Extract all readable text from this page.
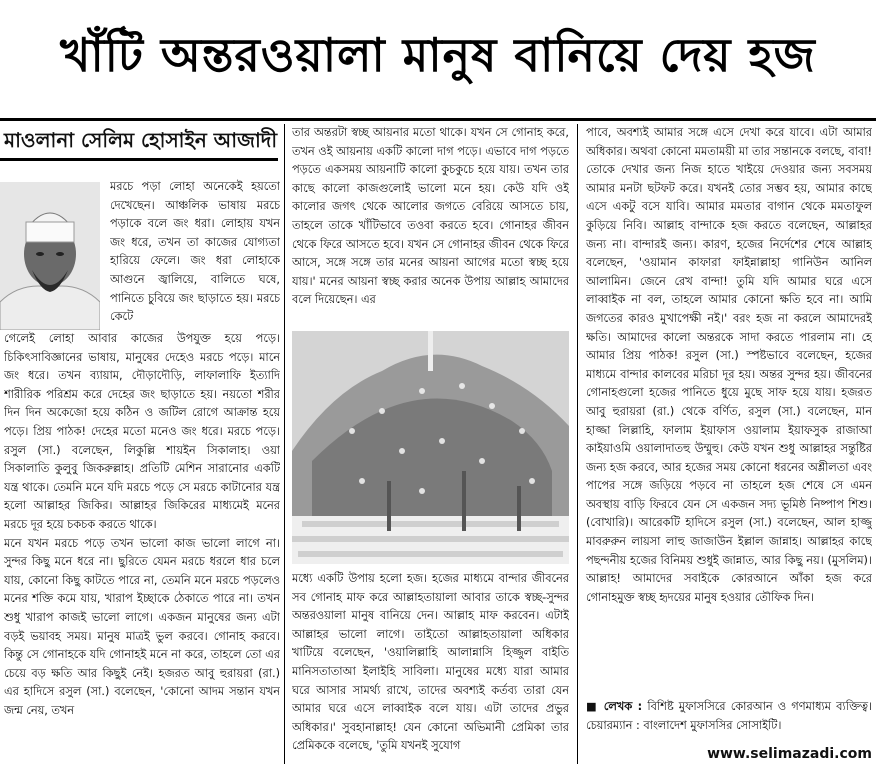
খাঁটি অন্তরওয়ালা মানুষ বানিয়ে দেয় হজ
মাওলানা সেলিম হোসাইন আজাদী

মরচে পড়া লোহা অনেকেই হয়তো দেখেছেন। আঞ্চলিক ভাষায় মরচে পড়াকে বলে জং ধরা। লোহায় যখন জং ধরে, তখন তা কাজের যোগ্যতা হারিয়ে ফেলে। জং ধরা লোহাকে আগুনে জ্বালিয়ে, বালিতে ঘষে, পানিতে চুবিয়ে জং ছাড়াতে হয়। মরচে কেটে

গেলেই লোহা আবার কাজের উপযুক্ত হয়ে পড়ে। চিকিৎসাবিজ্ঞানের ভাষায়, মানুষের দেহেও মরচে পড়ে। মানে জং ধরে। তখন ব্যায়াম, দৌড়াদৌড়ি, লাফালাফি ইত্যাদি শারীরিক পরিশ্রম করে দেহের জং ছাড়াতে হয়। নয়তো শরীর দিন দিন অকেজো হয়ে কঠিন ও জটিল রোগে আক্রান্ত হয়ে পড়ে। প্রিয় পাঠক! দেহের মতো মনেও জং ধরে। মরচে পড়ে। রসুল (সা.) বলেছেন, লিকুল্লি শায়ইন সিকালাহ। ওয়া সিকালাতি কুলুবু জিকরুল্লাহ। প্রতিটি মেশিন সারানোর একটি যন্ত্র থাকে। তেমনি মনে যদি মরচে পড়ে সে মরচে কাটানোর যন্ত্র হলো আল্লাহর জিকির। আল্লাহর জিকিরের মাধ্যমেই মনের মরচে দূর হয়ে চকচক করতে থাকে।

মনে যখন মরচে পড়ে তখন ভালো কাজ ভালো লাগে না। সুন্দর কিছু মনে ধরে না। ছুরিতে যেমন মরচে ধরলে ধার চলে যায়, কোনো কিছু কাটতে পারে না, তেমনি মনে মরচে পড়লেও মনের শক্তি কমে যায়, খারাপ ইচ্ছাকে ঠেকাতে পারে না। তখন শুধু খারাপ কাজই ভালো লাগে। একজন মানুষের জন্য এটা বড়ই ভয়াবহ সময়। মানুষ মাত্রই ভুল করবে। গোনাহ করবে। কিন্তু সে গোনাহকে যদি গোনাহই মনে না করে, তাহলে তো এর চেয়ে বড় ক্ষতি আর কিছুই নেই। হজরত আবু হুরায়রা (রা.) এর হাদিসে রসুল (সা.) বলেছেন, 'কোনো আদম সন্তান যখন জন্ম নেয়, তখন

তার অন্তরটা স্বচ্ছ আয়নার মতো থাকে। যখন সে গোনাহ করে, তখন ওই আয়নায় একটি কালো দাগ পড়ে। এভাবে দাগ পড়তে পড়তে একসময় আয়নাটি কালো কুচকুচে হয়ে যায়। তখন তার কাছে কালো কাজগুলোই ভালো মনে হয়। কেউ যদি ওই কালোর জগৎ থেকে আলোর জগতে বেরিয়ে আসতে চায়, তাহলে তাকে খাঁটিভাবে তওবা করতে হবে। গোনাহর জীবন থেকে ফিরে আসতে হবে। যখন সে গোনাহর জীবন থেকে ফিরে আসে, সঙ্গে সঙ্গে তার মনের আয়না আগের মতো স্বচ্ছ হয়ে যায়।' মনের আয়না স্বচ্ছ করার অনেক উপায় আল্লাহ আমাদের বলে দিয়েছেন। এর

মধ্যে একটি উপায় হলো হজ। হজের মাধ্যমে বান্দার জীবনের সব গোনাহ মাফ করে আল্লাহতায়ালা আবার তাকে স্বচ্ছ-সুন্দর অন্তরওয়ালা মানুষ বানিয়ে দেন। আল্লাহ মাফ করবেন। এটাই আল্লাহর ভালো লাগে। তাইতো আল্লাহতায়ালা অধিকার খাটিয়ে বলেছেন, 'ওয়ালিল্লাহি আলান্নাসি হিজ্জুল বাইতি মানিসতাতাআ ইলাইহি সাবিলা। মানুষের মধ্যে যারা আমার ঘরে আসার সামর্থ্য রাখে, তাদের অবশ্যই কর্তব্য তারা যেন আমার ঘরে এসে লাব্বাইক বলে যায়। এটা তাদের প্রভুর অধিকার।' সুবহানাল্লাহ! যেন কোনো অভিমানী প্রেমিকা তার প্রেমিককে বলেছে, 'তুমি যখনই সুযোগ

পাবে, অবশ্যই আমার সঙ্গে এসে দেখা করে যাবে। এটা আমার অধিকার। অথবা কোনো মমতাময়ী মা তার সন্তানকে বলছে, বাবা! তোকে দেখার জন্য নিজ হাতে খাইয়ে দেওয়ার জন্য সবসময় আমার মনটা ছটফট করে। যখনই তোর সম্ভব হয়, আমার কাছে এসে একটু বসে যাবি। আমার মমতার বাগান থেকে মমতাফুল কুড়িয়ে নিবি। আল্লাহ বান্দাকে হজ করতে বলেছেন, আল্লাহর জন্য না। বান্দারই জন্য। কারণ, হজের নির্দেশের শেষে আল্লাহ বলেছেন, 'ওয়ামান কাফারা ফাইন্নাল্লাহা গানিউন আনিল আলামিন। জেনে রেখ বান্দা! তুমি যদি আমার ঘরে এসে লাব্বাইক না বল, তাহলে আমার কোনো ক্ষতি হবে না। আমি জগতের কারও মুখাপেক্ষী নই।' বরং হজ না করলে আমাদেরই ক্ষতি। আমাদের কালো অন্তরকে সাদা করতে পারলাম না। হে আমার প্রিয় পাঠক! রসুল (সা.) স্পষ্টভাবে বলেছেন, হজের মাধ্যমে বান্দার কালবের মরিচা দূর হয়। অন্তর সুন্দর হয়। জীবনের গোনাহগুলো হজের পানিতে ধুয়ে মুছে সাফ হয়ে যায়। হজরত আবু হুরায়রা (রা.) থেকে বর্ণিত, রসুল (সা.) বলেছেন, মান হাজ্জা লিল্লাহি, ফালাম ইয়াফাস ওয়ালাম ইয়াফসুক রাজাআ কাইয়াওমি ওয়ালাদাতহু উম্মুহু। কেউ যখন শুধু আল্লাহর সন্তুষ্টির জন্য হজ করবে, আর হজের সময় কোনো ধরনের অশ্লীলতা এবং পাপের সঙ্গে জড়িয়ে পড়বে না তাহলে হজ শেষে সে এমন অবস্থায় বাড়ি ফিরবে যেন সে একজন সদ্য ভূমিষ্ঠ নিষ্পাপ শিশু। (বোখারি)। আরেকটি হাদিসে রসুল (সা.) বলেছেন, আল হাজ্জু মাবরুরুন লায়সা লাহু জাজাউন ইল্লাল জান্নাহ। আল্লাহর কাছে পছন্দনীয় হজের বিনিময় শুধুই জান্নাত, আর কিছু নয়। (মুসলিম)। আল্লাহ! আমাদের সবাইকে কোরআনে আঁকা হজ করে গোনাহমুক্ত স্বচ্ছ হৃদয়ের মানুষ হওয়ার তৌফিক দিন।

■ লেখক : বিশিষ্ট মুফাসসিরে কোরআন ও গণমাধ্যম ব্যক্তিত্ব। চেয়ারম্যান : বাংলাদেশ মুফাসসির সোসাইটি।
www.selimazadi.com
